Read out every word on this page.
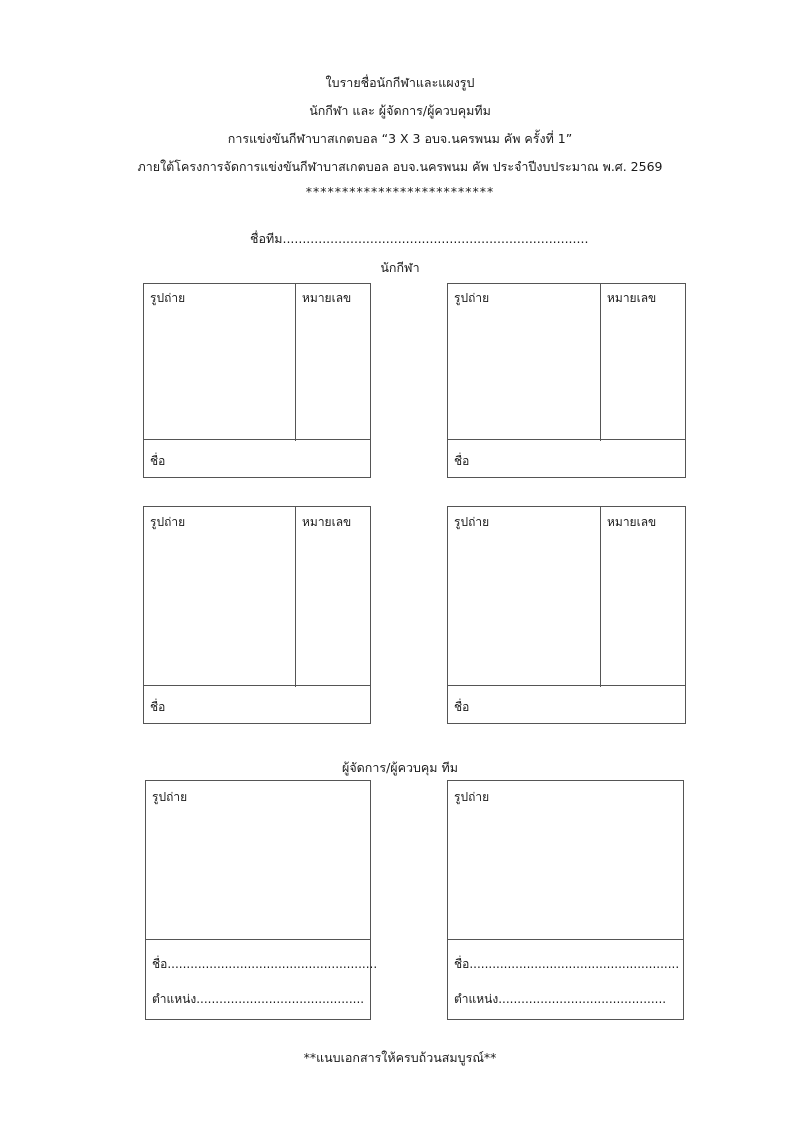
ใบรายชื่อนักกีฬาและแผงรูป
นักกีฬา และ ผู้จัดการ/ผู้ควบคุมทีม
การแข่งขันกีฬาบาสเกตบอล “3 X 3 อบจ.นครพนม คัพ ครั้งที่ 1”
ภายใต้โครงการจัดการแข่งขันกีฬาบาสเกตบอล อบจ.นครพนม คัพ ประจำปีงบประมาณ พ.ศ. 2569
**************************
ชื่อทีม.............................................................................
นักกีฬา
รูปถ่าย	หมายเลข
ชื่อ
รูปถ่าย	หมายเลข
ชื่อ
รูปถ่าย	หมายเลข
ชื่อ
รูปถ่าย	หมายเลข
ชื่อ
ผู้จัดการ/ผู้ควบคุม ทีม
รูปถ่าย
ชื่อ.......................................................
ตำแหน่ง............................................
รูปถ่าย
ชื่อ.......................................................
ตำแหน่ง............................................
**แนบเอกสารให้ครบถ้วนสมบูรณ์**
